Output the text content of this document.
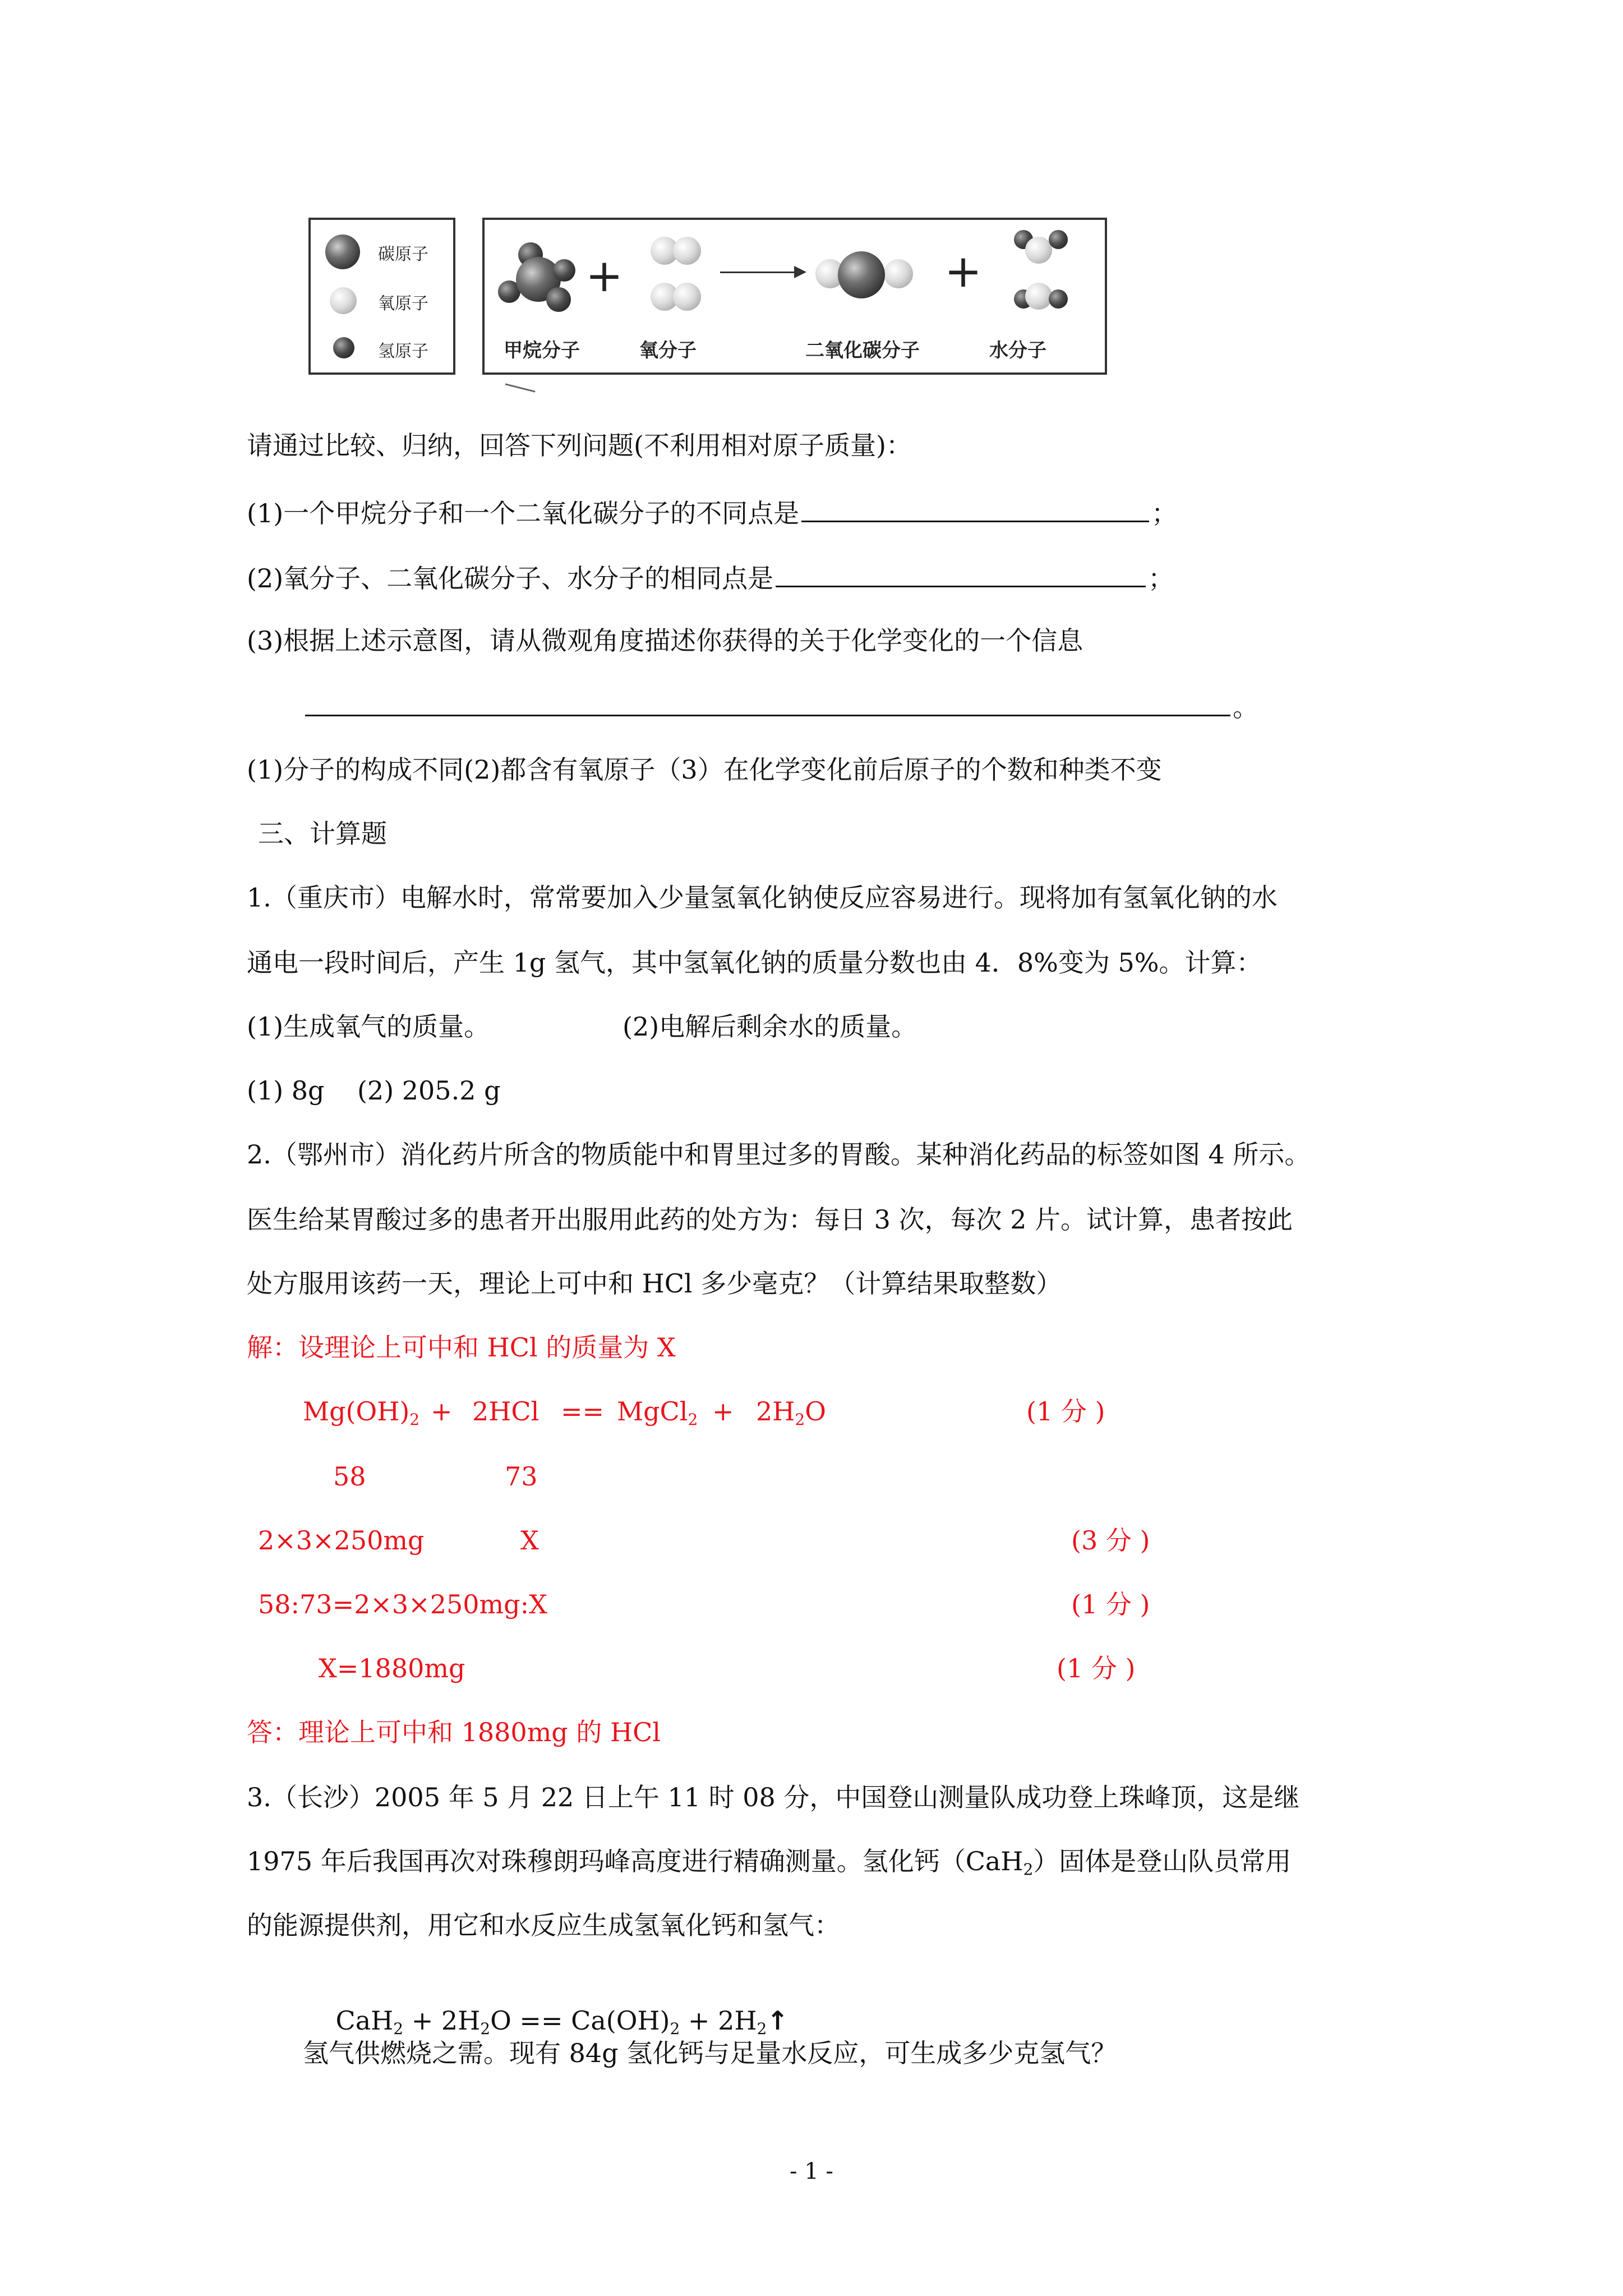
碳原子
氧原子
氢原子
+	+
甲烷分子	氧分子	二氧化碳分子	水分子
请通过比较、归纳，回答下列问题(不利用相对原子质量)：
(1)一个甲烷分子和一个二氧化碳分子的不同点是	；
(2)氧分子、二氧化碳分子、水分子的相同点是	；
(3)根据上述示意图，请从微观角度描述你获得的关于化学变化的一个信息
。
(1)分子的构成不同(2)都含有氧原子（3）在化学变化前后原子的个数和种类不变
三、计算题
1.（重庆市）电解水时，常常要加入少量氢氧化钠使反应容易进行。现将加有氢氧化钠的水
通电一段时间后，产生 1g 氢气，其中氢氧化钠的质量分数也由 4．8%变为 5%。计算：
(1)生成氧气的质量。	(2)电解后剩余水的质量。
(1) 8g    (2) 205.2 g
2.（鄂州市）消化药片所含的物质能中和胃里过多的胃酸。某种消化药品的标签如图 4 所示。
医生给某胃酸过多的患者开出服用此药的处方为：每日 3 次，每次 2 片。试计算，患者按此
处方服用该药一天，理论上可中和 HCl 多少毫克？（计算结果取整数）
解：设理论上可中和 HCl 的质量为 X
$Mg(OH)_2 + 2HCl$ == MgCl$_2$ + $2H_2O$	(1 分 )
58	73
2×3×250mg	X	(3 分 )
58:73=2×3×250mg:X	(1 分 )
X=1880mg	(1 分 )
答：理论上可中和 1880mg 的 HCl
3.（长沙）2005 年 5 月 22 日上午 11 时 08 分，中国登山测量队成功登上珠峰顶，这是继
1975 年后我国再次对珠穆朗玛峰高度进行精确测量。氢化钙（CaH$_2$）固体是登山队员常用
的能源提供剂，用它和水反应生成氢氧化钙和氢气：

$CaH_2 + 2H_2O == Ca(OH)_2$ + $2H_2↑$

氢气供燃烧之需。现有 84g 氢化钙与足量水反应，可生成多少克氢气？
- 1 -
